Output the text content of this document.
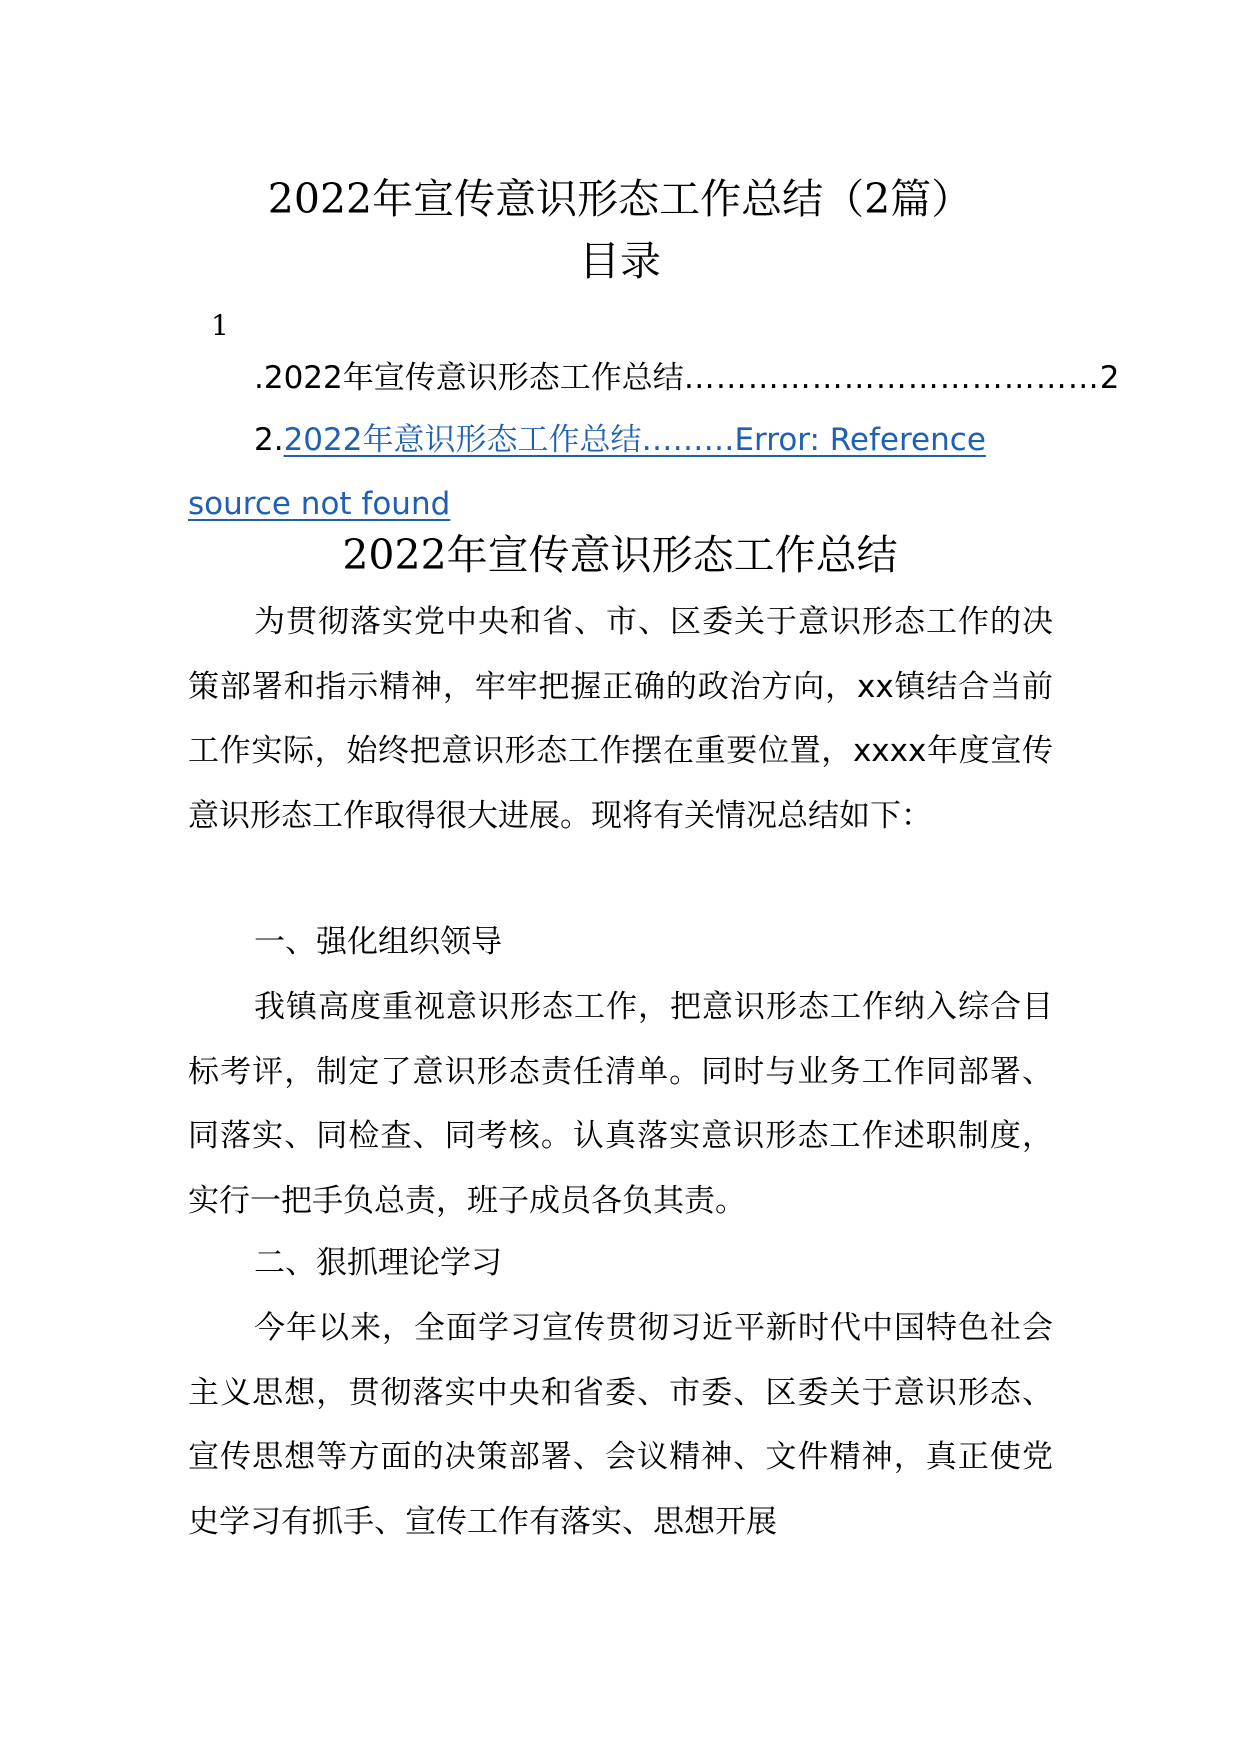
2022年宣传意识形态工作总结（2篇）
目录
1
.2022年宣传意识形态工作总结 ………………………………… 2
2.2022年意识形态工作总结………Error: Reference
source not found
2022年宣传意识形态工作总结

为贯彻落实党中央和省、市、区委关于意识形态工作的决策部署和指示精神，牢牢把握正确的政治方向，xx镇结合当前工作实际，始终把意识形态工作摆在重要位置，xxxx年度宣传意识形态工作取得很大进展。现将有关情况总结如下：

一、强化组织领导

我镇高度重视意识形态工作，把意识形态工作纳入综合目标考评，制定了意识形态责任清单。同时与业务工作同部署、同落实、同检查、同考核。认真落实意识形态工作述职制度，实行一把手负总责，班子成员各负其责。

二、狠抓理论学习

今年以来，全面学习宣传贯彻习近平新时代中国特色社会主义思想，贯彻落实中央和省委、市委、区委关于意识形态、宣传思想等方面的决策部署、会议精神、文件精神，真正使党史学习有抓手、宣传工作有落实、思想开展
